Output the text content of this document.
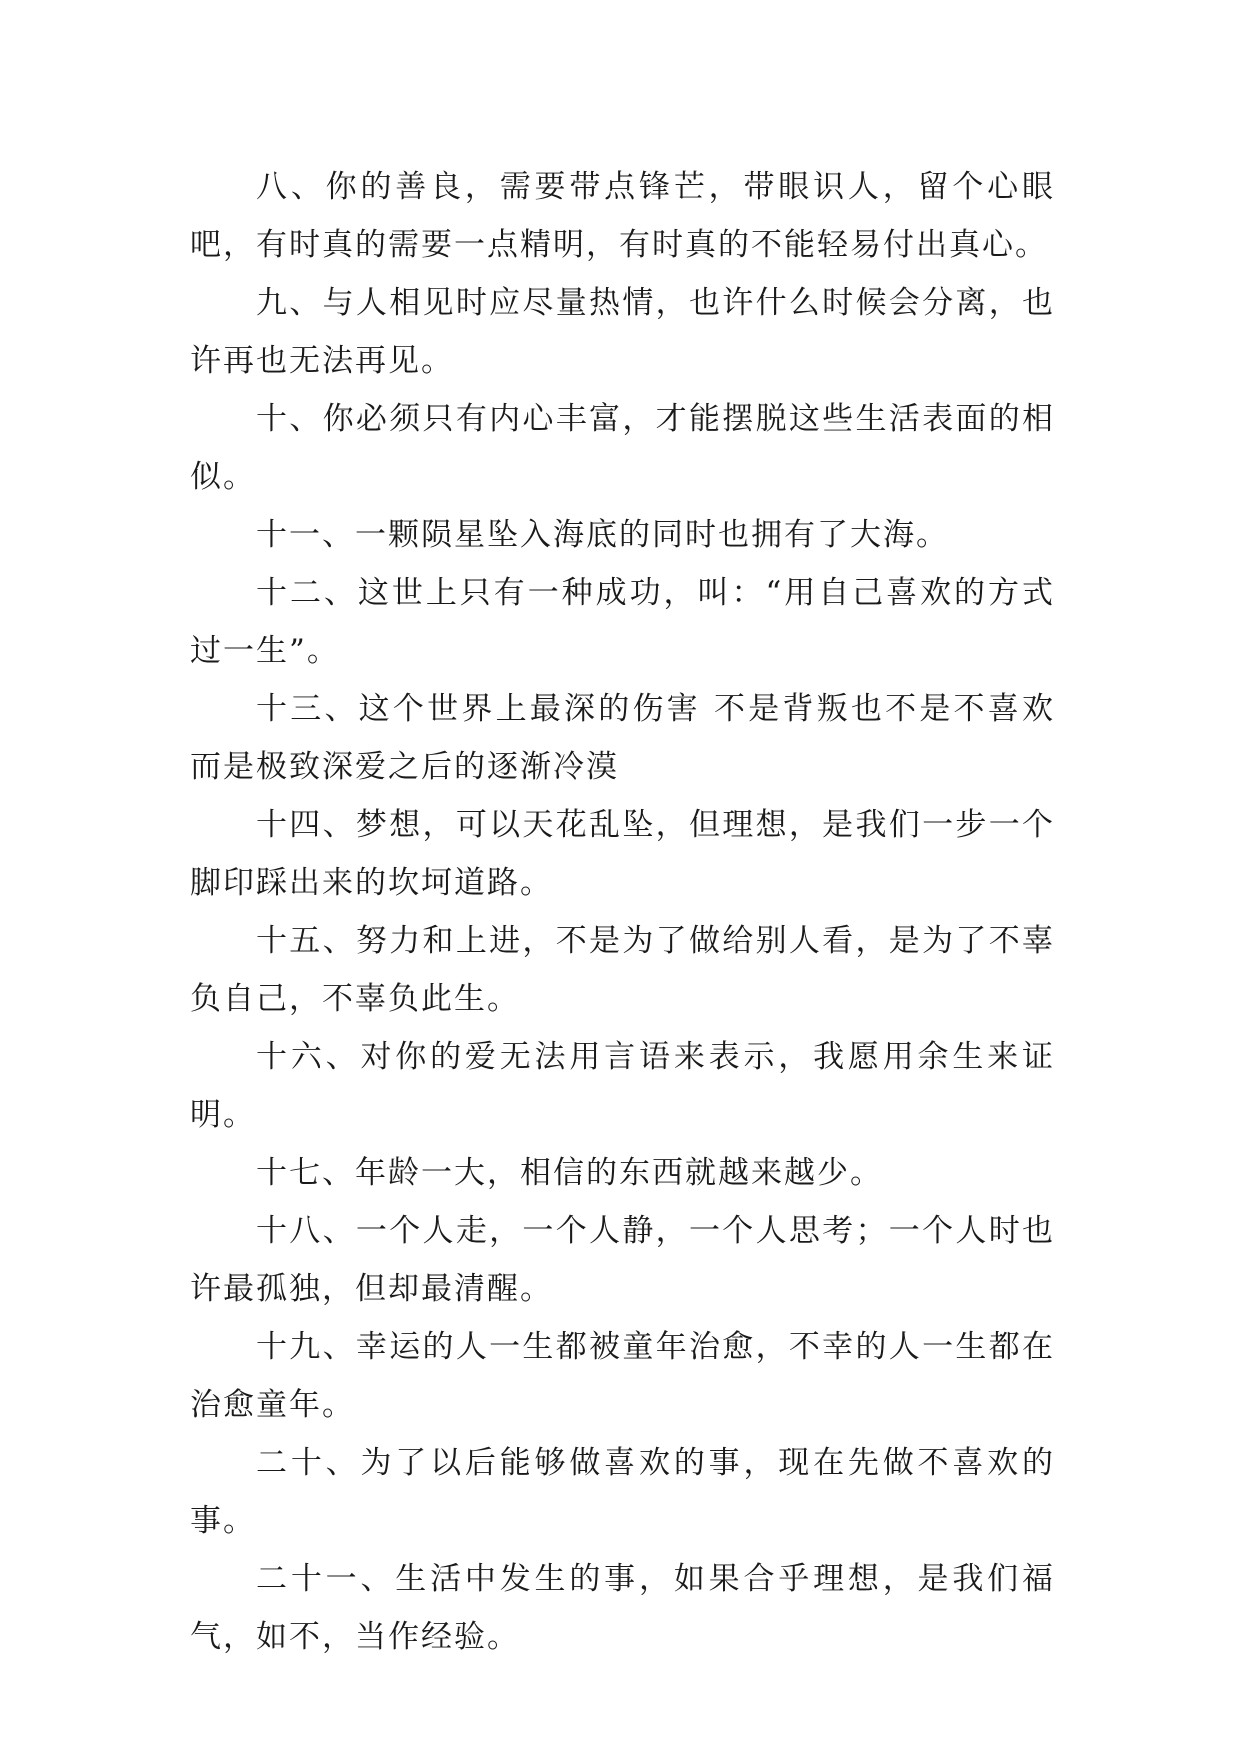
八、你的善良，需要带点锋芒，带眼识人，留个心眼吧，有时真的需要一点精明，有时真的不能轻易付出真心。

九、与人相见时应尽量热情，也许什么时候会分离，也许再也无法再见。

十、你必须只有内心丰富，才能摆脱这些生活表面的相似。

十一、一颗陨星坠入海底的同时也拥有了大海。

十二、这世上只有一种成功，叫：“用自己喜欢的方式过一生”。

十三、这个世界上最深的伤害 不是背叛也不是不喜欢 而是极致深爱之后的逐渐冷漠

十四、梦想，可以天花乱坠，但理想，是我们一步一个脚印踩出来的坎坷道路。

十五、努力和上进，不是为了做给别人看，是为了不辜负自己，不辜负此生。

十六、对你的爱无法用言语来表示，我愿用余生来证明。

十七、年龄一大，相信的东西就越来越少。

十八、一个人走，一个人静，一个人思考；一个人时也许最孤独，但却最清醒。

十九、幸运的人一生都被童年治愈，不幸的人一生都在治愈童年。

二十、为了以后能够做喜欢的事，现在先做不喜欢的事。

二十一、生活中发生的事，如果合乎理想，是我们福气，如不，当作经验。
